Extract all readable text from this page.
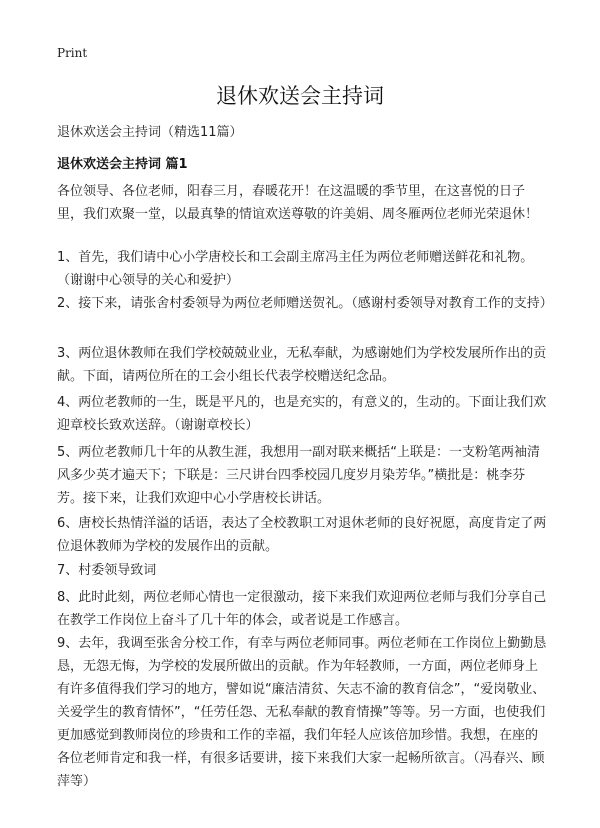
Print
退休欢送会主持词
退休欢送会主持词（精选11篇）
退休欢送会主持词 篇1

各位领导、各位老师，阳春三月，春暖花开！在这温暖的季节里，在这喜悦的日子里，我们欢聚一堂，以最真挚的情谊欢送尊敬的许美娟、周冬雁两位老师光荣退休！

1、首先，我们请中心小学唐校长和工会副主席冯主任为两位老师赠送鲜花和礼物。（谢谢中心领导的关心和爱护）

2、接下来，请张舍村委领导为两位老师赠送贺礼。（感谢村委领导对教育工作的支持）

3、两位退休教师在我们学校兢兢业业，无私奉献，为感谢她们为学校发展所作出的贡献。下面，请两位所在的工会小组长代表学校赠送纪念品。

4、两位老教师的一生，既是平凡的，也是充实的，有意义的，生动的。下面让我们欢迎章校长致欢送辞。（谢谢章校长）

5、两位老教师几十年的从教生涯，我想用一副对联来概括“上联是：一支粉笔两袖清风多少英才遍天下；下联是：三尺讲台四季校园几度岁月染芳华。”横批是：桃李芬芳。接下来，让我们欢迎中心小学唐校长讲话。

6、唐校长热情洋溢的话语，表达了全校教职工对退休老师的良好祝愿，高度肯定了两位退休教师为学校的发展作出的贡献。

7、村委领导致词

8、此时此刻，两位老师心情也一定很激动，接下来我们欢迎两位老师与我们分享自己在教学工作岗位上奋斗了几十年的体会，或者说是工作感言。

9、去年，我调至张舍分校工作，有幸与两位老师同事。两位老师在工作岗位上勤勤恳恳，无怨无悔，为学校的发展所做出的贡献。作为年轻教师，一方面，两位老师身上有许多值得我们学习的地方，譬如说“廉洁清贫、矢志不渝的教育信念”，“爱岗敬业、关爱学生的教育情怀”，“任劳任怨、无私奉献的教育情操”等等。另一方面，也使我们更加感觉到教师岗位的珍贵和工作的幸福，我们年轻人应该倍加珍惜。我想，在座的各位老师肯定和我一样，有很多话要讲，接下来我们大家一起畅所欲言。（冯春兴、顾萍等）
